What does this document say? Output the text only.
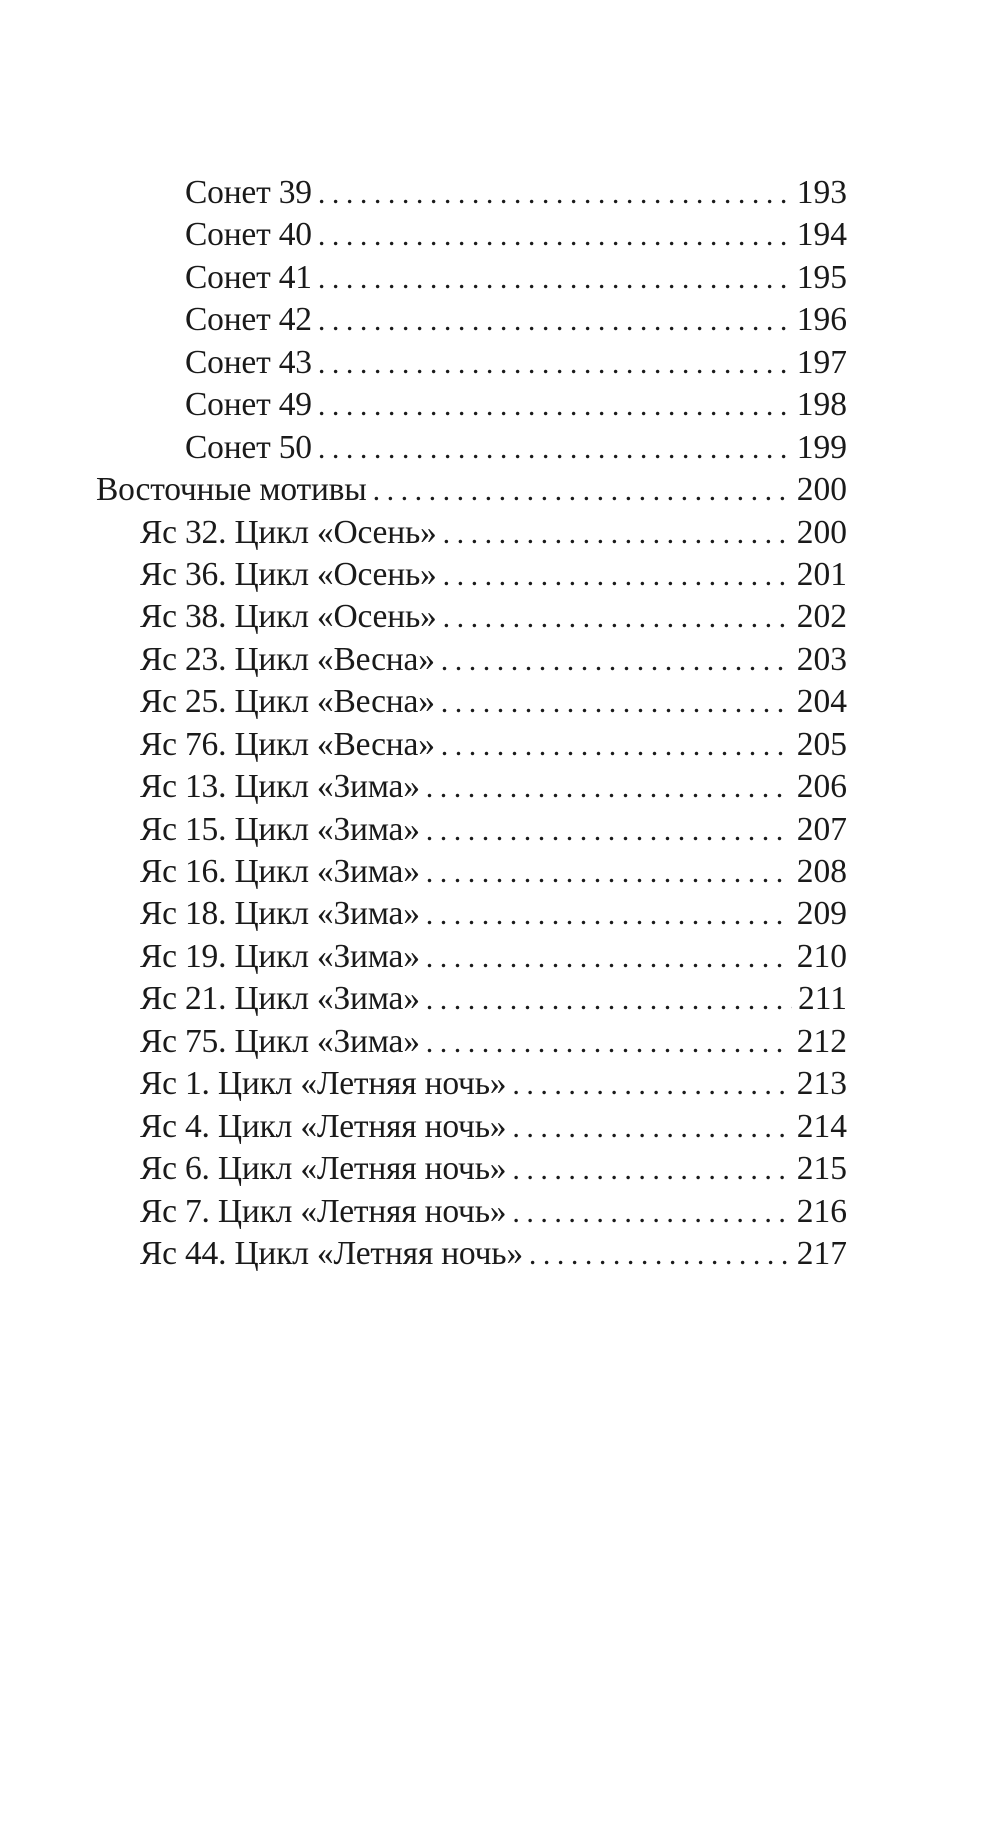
Сонет 39 . . .	193
Сонет 40 . . .	194
Сонет 41 . . .	195
Сонет 42 . . .	196
Сонет 43 . . .	197
Сонет 49 . . .	198
Сонет 50 . . .	199
Восточные мотивы . . .	200
Яс 32. Цикл «Осень» . . .	200
Яс 36. Цикл «Осень» . . .	201
Яс 38. Цикл «Осень» . . .	202
Яс 23. Цикл «Весна» . . .	203
Яс 25. Цикл «Весна» . . .	204
Яс 76. Цикл «Весна» . . .	205
Яс 13. Цикл «Зима» . . .	206
Яс 15. Цикл «Зима» . . .	207
Яс 16. Цикл «Зима» . . .	208
Яс 18. Цикл «Зима» . . .	209
Яс 19. Цикл «Зима» . . .	210
Яс 21. Цикл «Зима» . . .	211
Яс 75. Цикл «Зима» . . .	212
Яс 1. Цикл «Летняя ночь» . . .	213
Яс 4. Цикл «Летняя ночь» . . .	214
Яс 6. Цикл «Летняя ночь» . . .	215
Яс 7. Цикл «Летняя ночь» . . .	216
Яс 44. Цикл «Летняя ночь» . . .	217
